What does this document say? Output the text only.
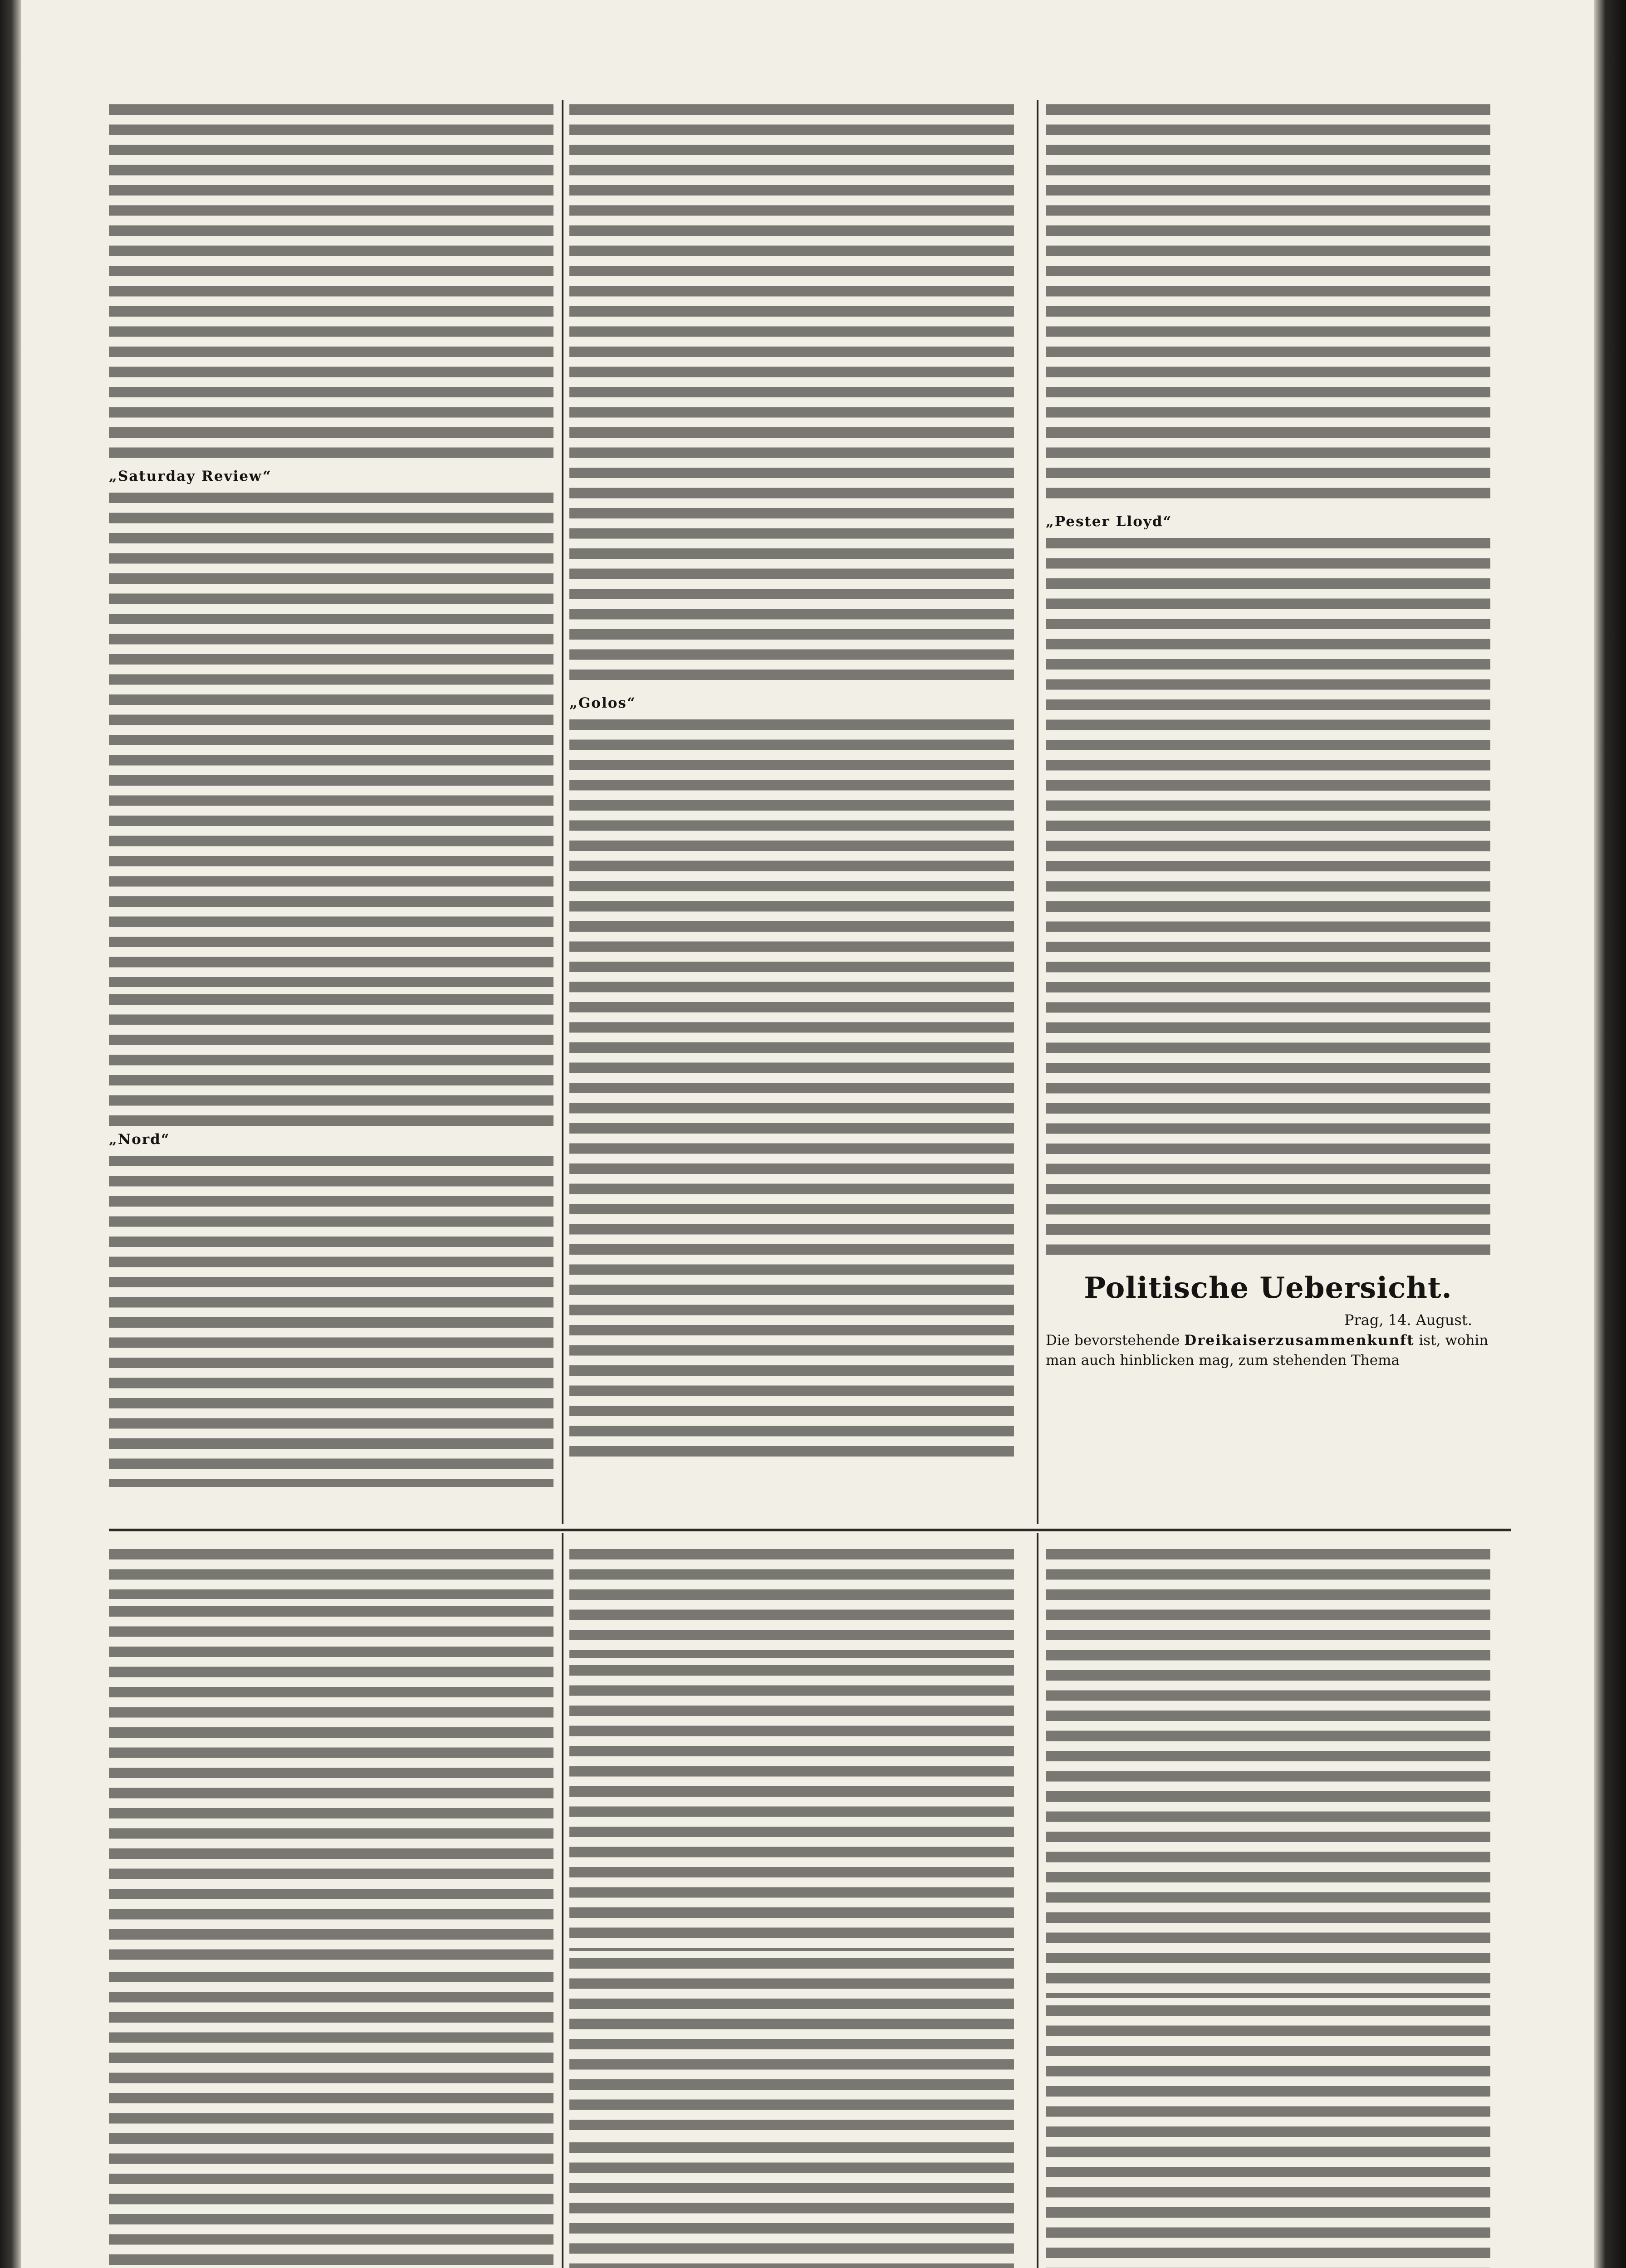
„Saturday Review“

„Nord“

„Golos“

„Pester Lloyd“

Politische Uebersicht.
Prag, 14. August.

Die bevorstehende Dreikaiserzusammenkunft ist, wohin man auch hinblicken mag, zum stehenden Thema
